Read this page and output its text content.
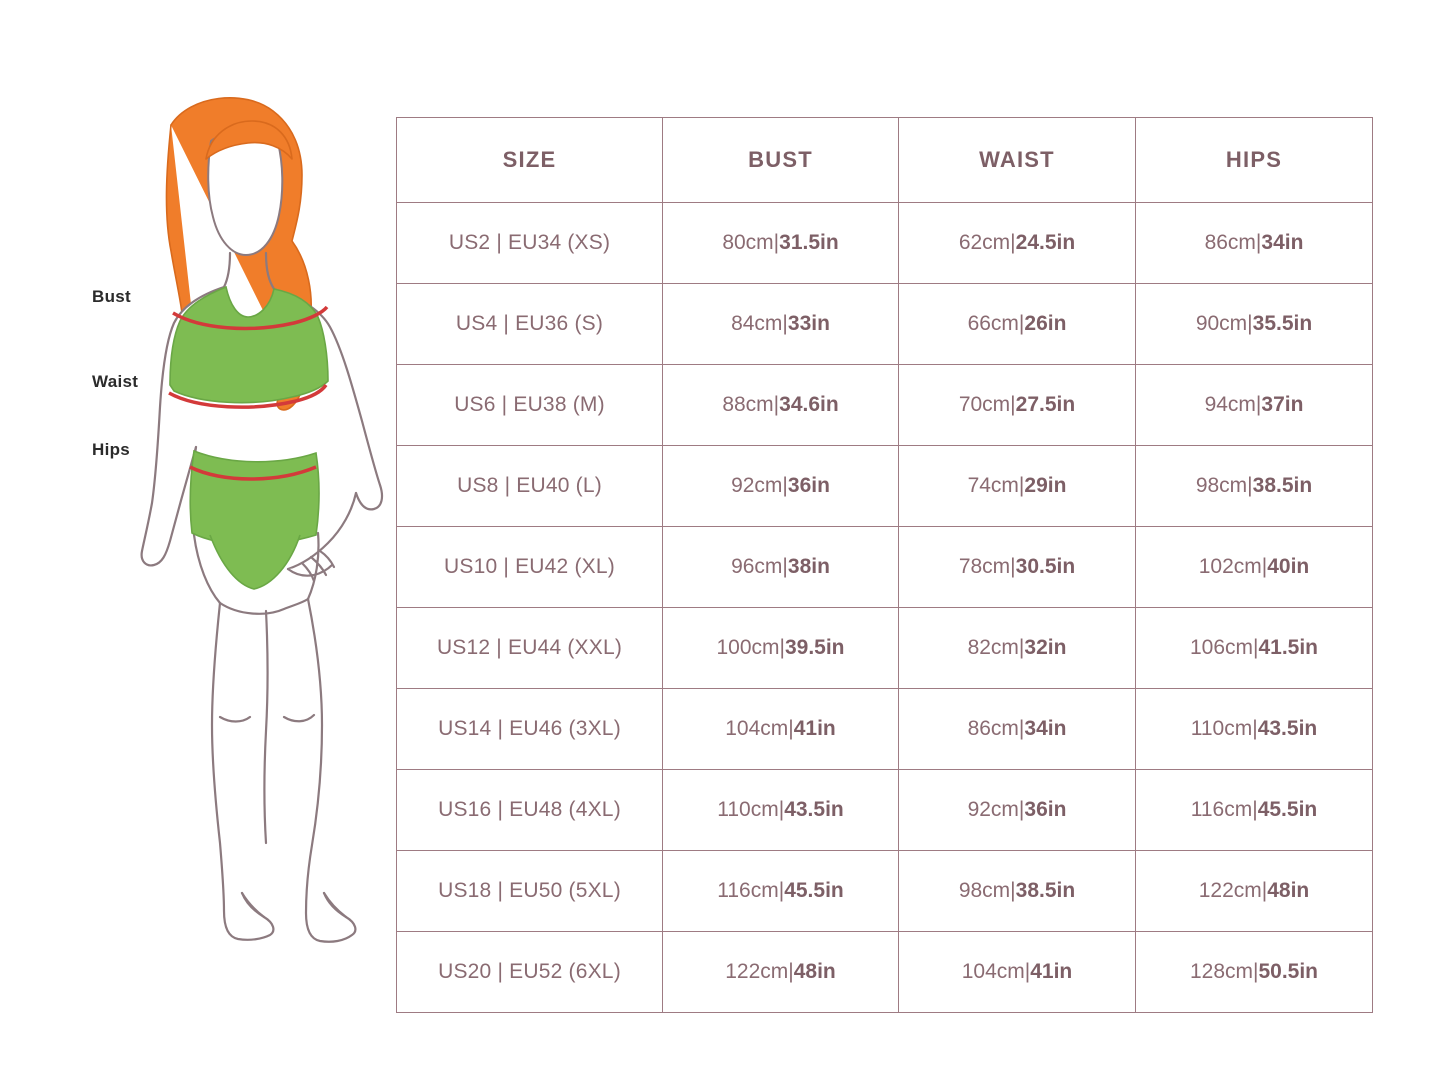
Bust
Waist
Hips
SIZE	BUST	WAIST	HIPS
US2 | EU34 (XS)	80cm|31.5in	62cm|24.5in	86cm|34in
US4 | EU36 (S)	84cm|33in	66cm|26in	90cm|35.5in
US6 | EU38 (M)	88cm|34.6in	70cm|27.5in	94cm|37in
US8 | EU40 (L)	92cm|36in	74cm|29in	98cm|38.5in
US10 | EU42 (XL)	96cm|38in	78cm|30.5in	102cm|40in
US12 | EU44 (XXL)	100cm|39.5in	82cm|32in	106cm|41.5in
US14 | EU46 (3XL)	104cm|41in	86cm|34in	110cm|43.5in
US16 | EU48 (4XL)	110cm|43.5in	92cm|36in	116cm|45.5in
US18 | EU50 (5XL)	116cm|45.5in	98cm|38.5in	122cm|48in
US20 | EU52 (6XL)	122cm|48in	104cm|41in	128cm|50.5in
